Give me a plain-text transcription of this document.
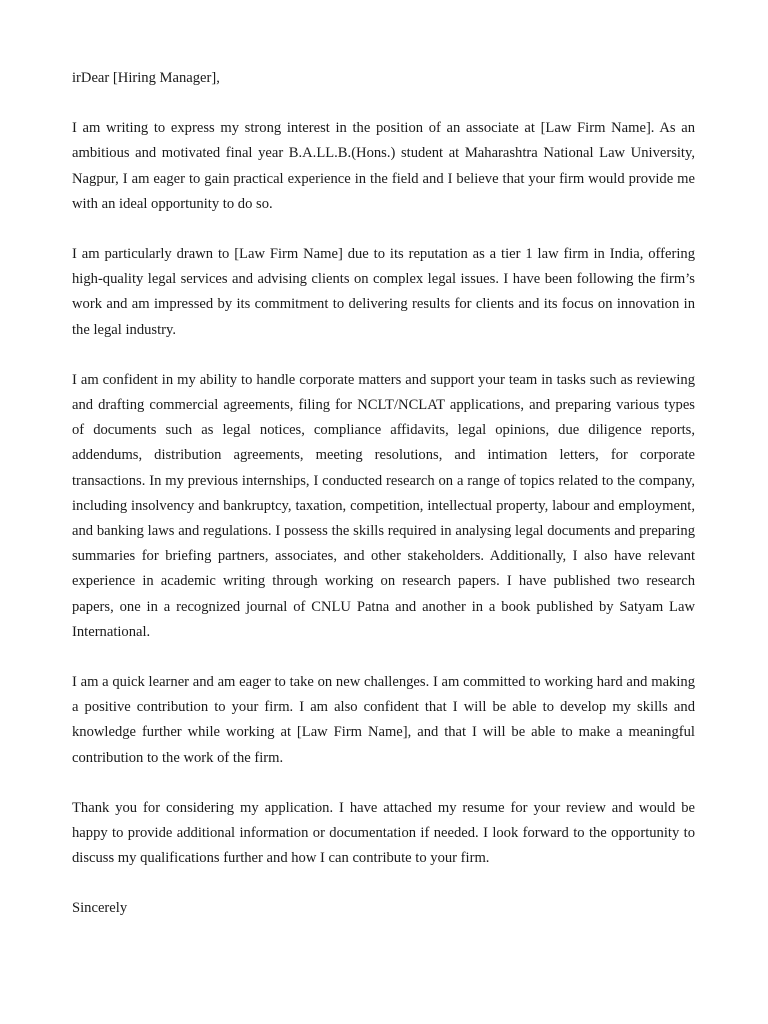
irDear [Hiring Manager],

I am writing to express my strong interest in the position of an associate at [Law Firm Name]. As an ambitious and motivated final year B.A.LL.B.(Hons.) student at Maharashtra National Law University, Nagpur, I am eager to gain practical experience in the field and I believe that your firm would provide me with an ideal opportunity to do so.

I am particularly drawn to [Law Firm Name] due to its reputation as a tier 1 law firm in India, offering high-quality legal services and advising clients on complex legal issues. I have been following the firm’s work and am impressed by its commitment to delivering results for clients and its focus on innovation in the legal industry.

I am confident in my ability to handle corporate matters and support your team in tasks such as reviewing and drafting commercial agreements, filing for NCLT/NCLAT applications, and preparing various types of documents such as legal notices, compliance affidavits, legal opinions, due diligence reports, addendums, distribution agreements, meeting resolutions, and intimation letters, for corporate transactions. In my previous internships, I conducted research on a range of topics related to the company, including insolvency and bankruptcy, taxation, competition, intellectual property, labour and employment, and banking laws and regulations. I possess the skills required in analysing legal documents and preparing summaries for briefing partners, associates, and other stakeholders. Additionally, I also have relevant experience in academic writing through working on research papers. I have published two research papers, one in a recognized journal of CNLU Patna and another in a book published by Satyam Law International.

I am a quick learner and am eager to take on new challenges. I am committed to working hard and making a positive contribution to your firm. I am also confident that I will be able to develop my skills and knowledge further while working at [Law Firm Name], and that I will be able to make a meaningful contribution to the work of the firm.

Thank you for considering my application. I have attached my resume for your review and would be happy to provide additional information or documentation if needed. I look forward to the opportunity to discuss my qualifications further and how I can contribute to your firm.

Sincerely
